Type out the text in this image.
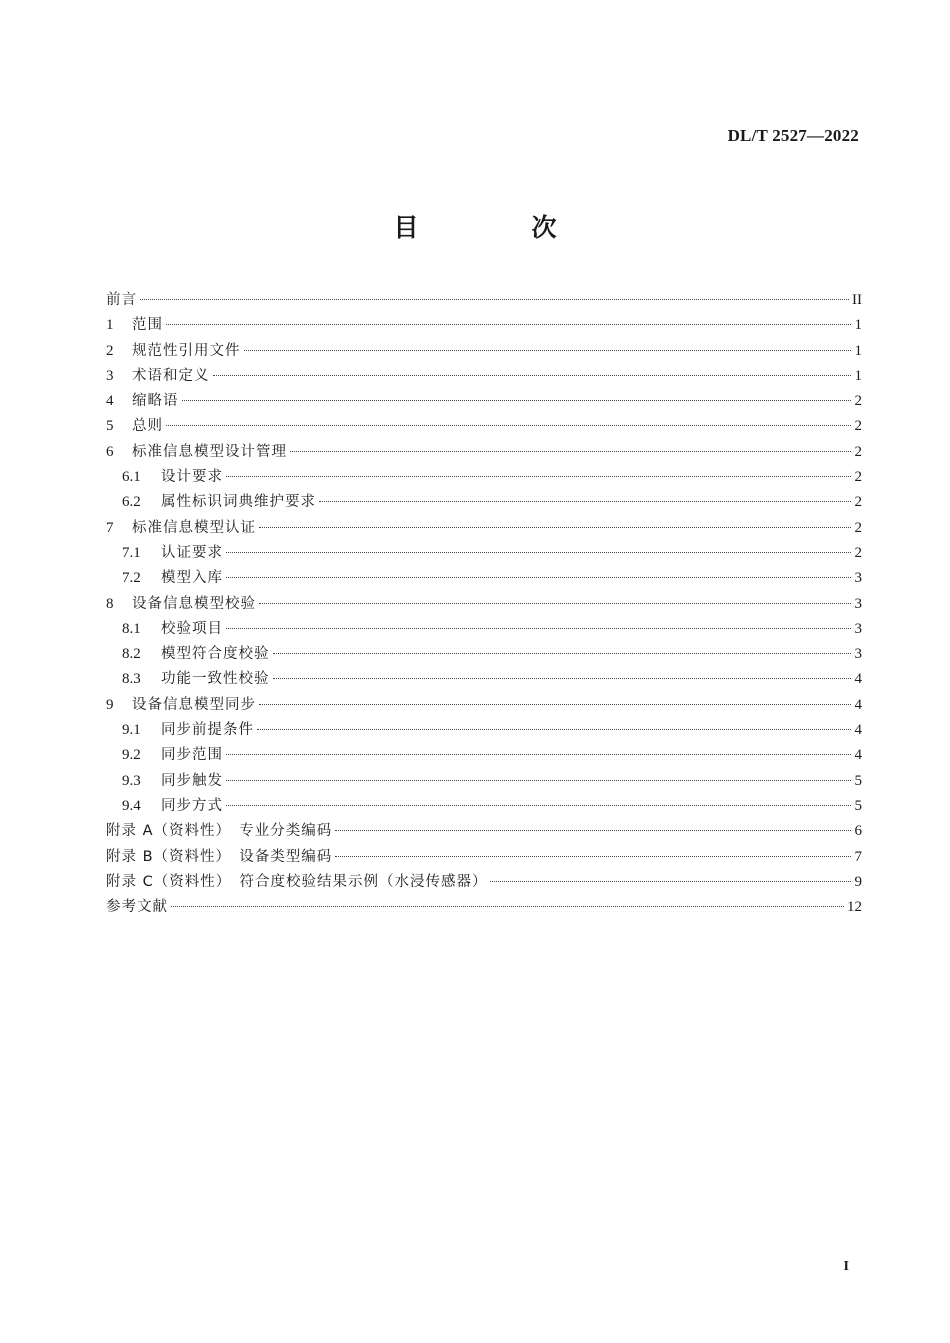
DL/T 2527—2022
目　次
前言	II
1	范围	1
2	规范性引用文件	1
3	术语和定义	1
4	缩略语	2
5	总则	2
6	标准信息模型设计管理	2
6.1	设计要求	2
6.2	属性标识词典维护要求	2
7	标准信息模型认证	2
7.1	认证要求	2
7.2	模型入库	3
8	设备信息模型校验	3
8.1	校验项目	3
8.2	模型符合度校验	3
8.3	功能一致性校验	4
9	设备信息模型同步	4
9.1	同步前提条件	4
9.2	同步范围	4
9.3	同步触发	5
9.4	同步方式	5
附录 A（资料性）　专业分类编码	6
附录 B（资料性）　设备类型编码	7
附录 C（资料性）　符合度校验结果示例（水浸传感器）	9
参考文献	12
I
